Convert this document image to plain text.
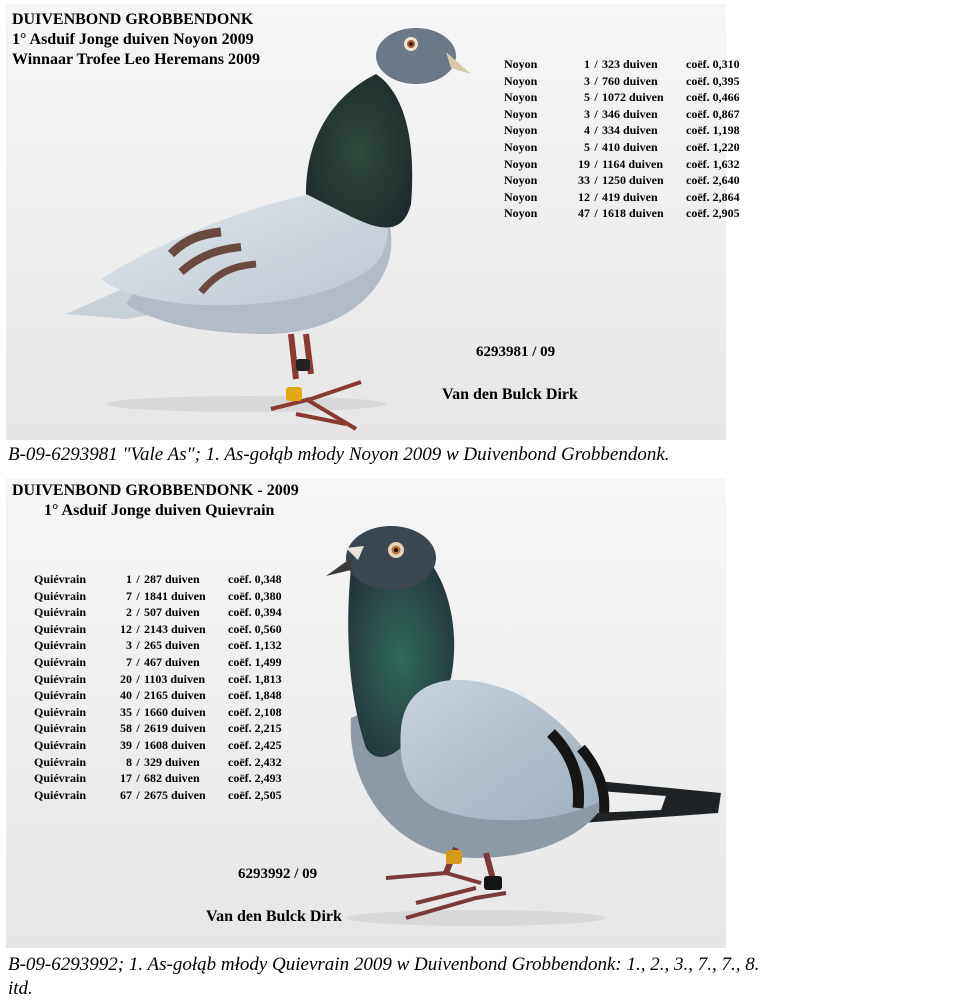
DUIVENBOND GROBBENDONK
1° Asduif Jonge duiven Noyon 2009
Winnaar Trofee Leo Heremans 2009	Noyon	1 / 323 duiven	coëf. 0,310
Noyon	3 / 760 duiven	coëf. 0,395
Noyon	5 / 1072 duiven	coëf. 0,466
Noyon	3 / 346 duiven	coëf. 0,867
Noyon	4 / 334 duiven	coëf. 1,198
Noyon	5 / 410 duiven	coëf. 1,220
Noyon	19 / 1164 duiven	coëf. 1,632
Noyon	33 / 1250 duiven	coëf. 2,640
Noyon	12 / 419 duiven	coëf. 2,864
Noyon	47 / 1618 duiven	coëf. 2,905
6293981 / 09
Van den Bulck Dirk
B-09-6293981 "Vale As"; 1. As-gołąb młody Noyon 2009 w Duivenbond Grobbendonk.
DUIVENBOND GROBBENDONK - 2009
1° Asduif Jonge duiven Quievrain
Quiévrain	1 / 287 duiven	coëf. 0,348
Quiévrain	7 / 1841 duiven	coëf. 0,380
Quiévrain	2 / 507 duiven	coëf. 0,394
Quiévrain	12 / 2143 duiven	coëf. 0,560
Quiévrain	3 / 265 duiven	coëf. 1,132
Quiévrain	7 / 467 duiven	coëf. 1,499
Quiévrain	20 / 1103 duiven	coëf. 1,813
Quiévrain	40 / 2165 duiven	coëf. 1,848
Quiévrain	35 / 1660 duiven	coëf. 2,108
Quiévrain	58 / 2619 duiven	coëf. 2,215
Quiévrain	39 / 1608 duiven	coëf. 2,425
Quiévrain	8 / 329 duiven	coëf. 2,432
Quiévrain	17 / 682 duiven	coëf. 2,493
Quiévrain	67 / 2675 duiven	coëf. 2,505
6293992 / 09
Van den Bulck Dirk
B-09-6293992; 1. As-gołąb młody Quievrain 2009 w Duivenbond Grobbendonk: 1., 2., 3., 7., 7., 8.
itd.
